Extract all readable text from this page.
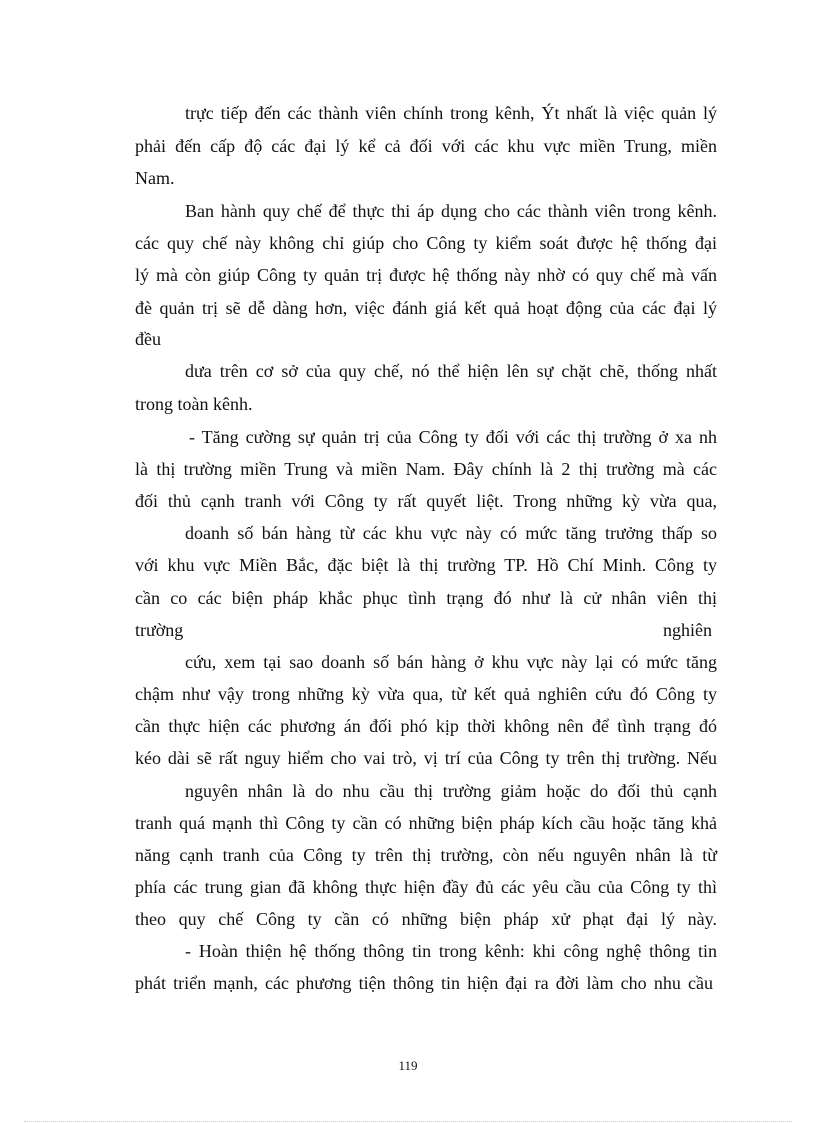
trực tiếp đến các thành viên chính trong kênh, Ýt nhất là việc quản lý
phải đến cấp độ các đại lý kể cả đối với các khu vực miền Trung, miền
Nam.
Ban hành quy chế để thực thi áp dụng cho các thành viên trong kênh.
các quy chế này không chỉ giúp cho Công ty kiểm soát được hệ thống đại
lý mà còn giúp Công ty quản trị được hệ thống này nhờ có quy chế mà vấn
đè quản trị sẽ dễ dàng hơn, việc đánh giá kết quả hoạt động của các đại lý
đều
dưa trên cơ sở của quy chế, nó thể hiện lên sự chặt chẽ, thống nhất
trong toàn kênh.
- Tăng cường sự quản trị của Công ty đối với các thị trường ở xa nh
là thị trường miền Trung và miền Nam. Đây chính là 2 thị trường mà các
đối thủ cạnh tranh với Công ty rất quyết liệt. Trong những kỳ vừa qua,
doanh số bán hàng từ các khu vực này có mức tăng trưởng thấp so
với khu vực Miền Bắc, đặc biệt là thị trường TP. Hồ Chí Minh. Công ty
cần co các biện pháp khắc phục tình trạng đó như là cử nhân viên thị
trường	nghiên
cứu, xem tại sao doanh số bán hàng ở khu vực này lại có mức tăng
chậm như vậy trong những kỳ vừa qua, từ kết quả nghiên cứu đó Công ty
cần thực hiện các phương án đối phó kịp thời không nên để tình trạng đó
kéo dài sẽ rất nguy hiểm cho vai trò, vị trí của Công ty trên thị trường. Nếu
nguyên nhân là do nhu cầu thị trường giảm hoặc do đối thủ cạnh
tranh quá mạnh thì Công ty cần có những biện pháp kích cầu hoặc tăng khả
năng cạnh tranh của Công ty trên thị trường, còn nếu nguyên nhân là từ
phía các trung gian đã không thực hiện đầy đủ các yêu cầu của Công ty thì
theo quy chế Công ty cần có những biện pháp xử phạt đại lý này.
- Hoàn thiện hệ thống thông tin trong kênh: khi công nghệ thông tin
phát triển mạnh, các phương tiện thông tin hiện đại ra đời làm cho nhu cầu
119
